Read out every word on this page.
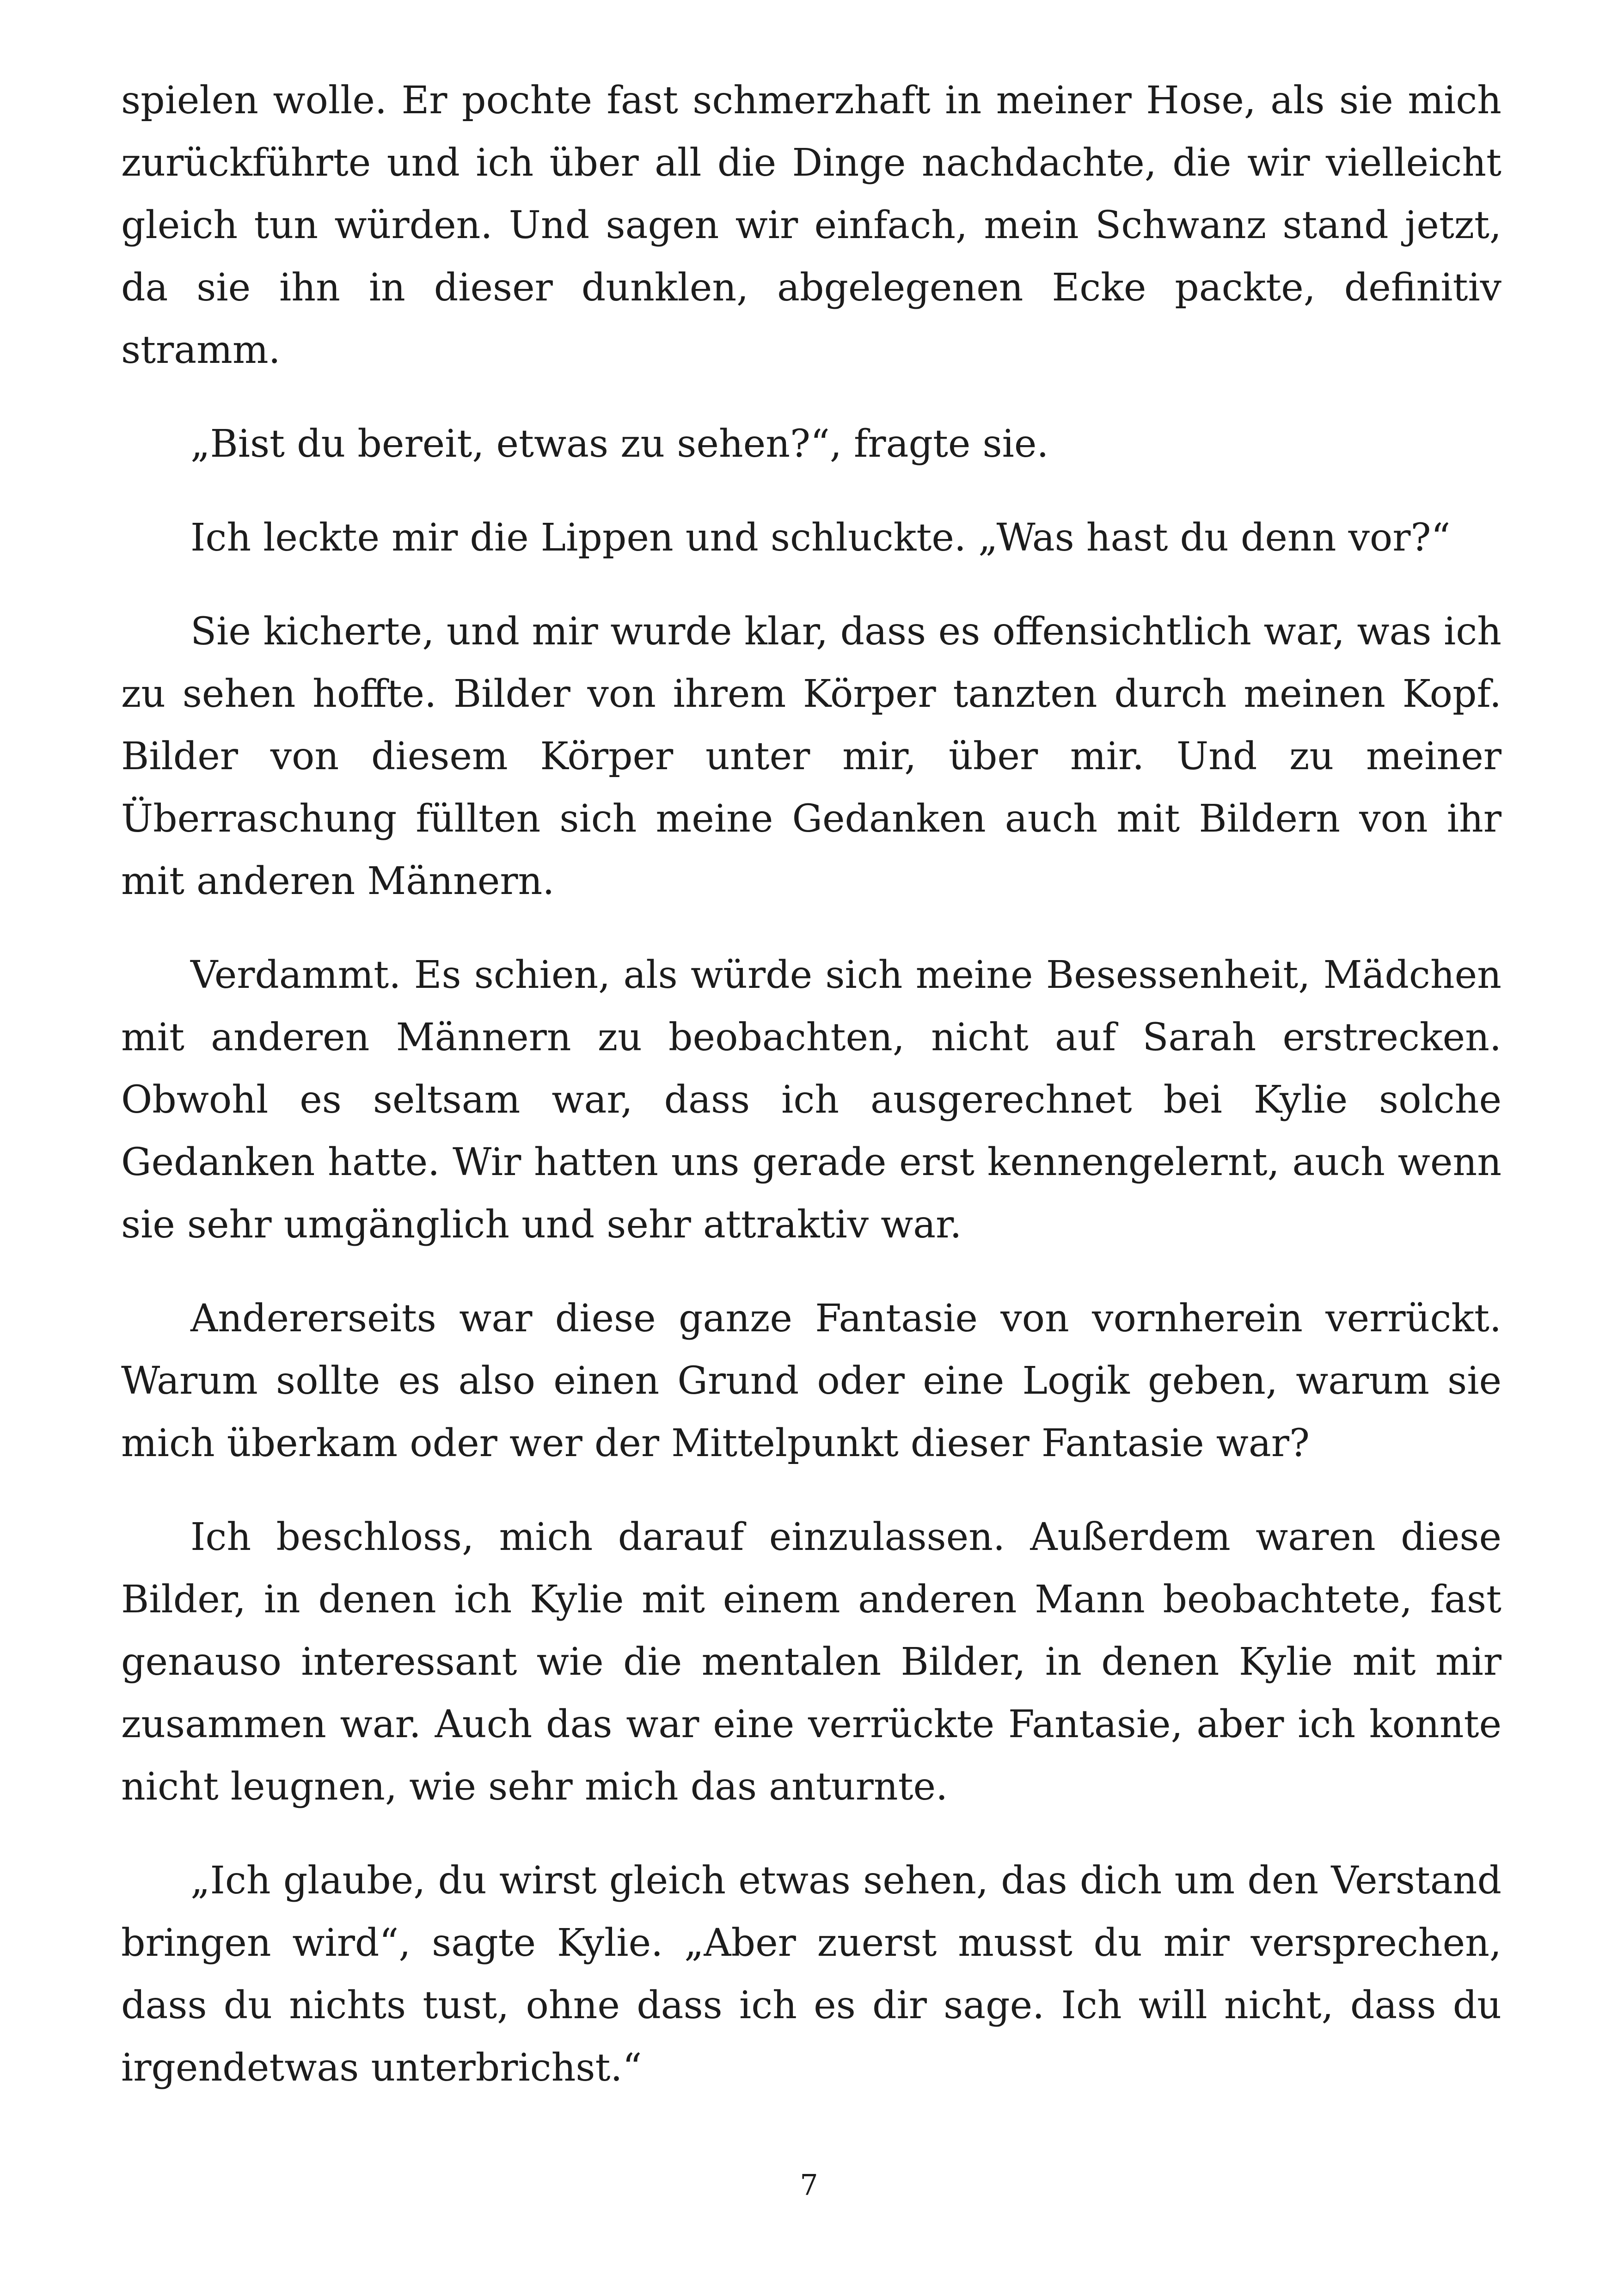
spielen wolle. Er pochte fast schmerzhaft in meiner Hose, als sie mich zurückführte und ich über all die Dinge nachdachte, die wir vielleicht gleich tun würden. Und sagen wir einfach, mein Schwanz stand jetzt, da sie ihn in dieser dunklen, abgelegenen Ecke packte, definitiv stramm.

„Bist du bereit, etwas zu sehen?“, fragte sie.

Ich leckte mir die Lippen und schluckte. „Was hast du denn vor?“

Sie kicherte, und mir wurde klar, dass es offensichtlich war, was ich zu sehen hoffte. Bilder von ihrem Körper tanzten durch meinen Kopf. Bilder von diesem Körper unter mir, über mir. Und zu meiner Überraschung füllten sich meine Gedanken auch mit Bildern von ihr mit anderen Männern.

Verdammt. Es schien, als würde sich meine Besessenheit, Mädchen mit anderen Männern zu beobachten, nicht auf Sarah erstrecken. Obwohl es seltsam war, dass ich ausgerechnet bei Kylie solche Gedanken hatte. Wir hatten uns gerade erst kennengelernt, auch wenn sie sehr umgänglich und sehr attraktiv war.

Andererseits war diese ganze Fantasie von vornherein verrückt. Warum sollte es also einen Grund oder eine Logik geben, warum sie mich überkam oder wer der Mittelpunkt dieser Fantasie war?

Ich beschloss, mich darauf einzulassen. Außerdem waren diese Bilder, in denen ich Kylie mit einem anderen Mann beobachtete, fast genauso interessant wie die mentalen Bilder, in denen Kylie mit mir zusammen war. Auch das war eine verrückte Fantasie, aber ich konnte nicht leugnen, wie sehr mich das anturnte.

„Ich glaube, du wirst gleich etwas sehen, das dich um den Verstand bringen wird“, sagte Kylie. „Aber zuerst musst du mir versprechen, dass du nichts tust, ohne dass ich es dir sage. Ich will nicht, dass du irgendetwas unterbrichst.“

7
